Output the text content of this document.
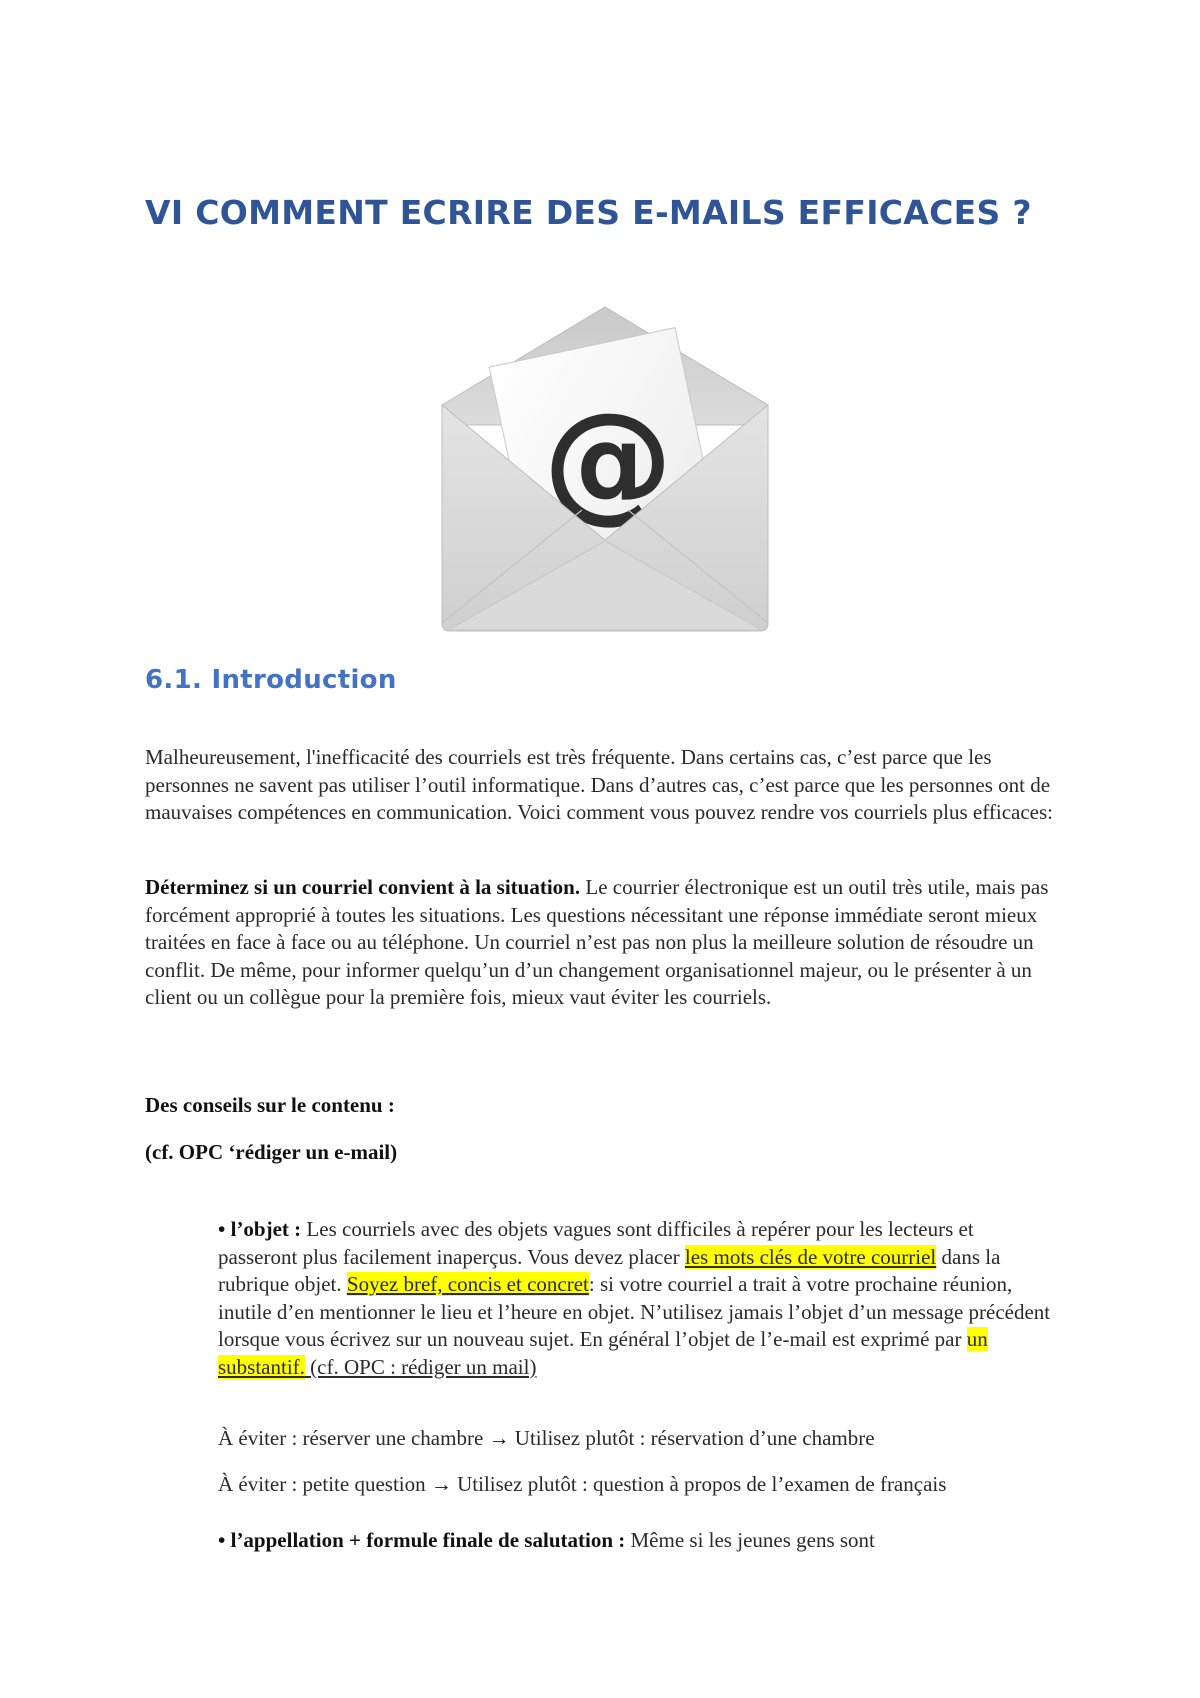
VI COMMENT ECRIRE DES E-MAILS EFFICACES ?
@
6.1. Introduction

Malheureusement, l'inefficacité des courriels est très fréquente. Dans certains cas, c’est parce que les personnes ne savent pas utiliser l’outil informatique. Dans d’autres cas, c’est parce que les personnes ont de mauvaises compétences en communication. Voici comment vous pouvez rendre vos courriels plus efficaces:

Déterminez si un courriel convient à la situation. Le courrier électronique est un outil très utile, mais pas forcément approprié à toutes les situations. Les questions nécessitant une réponse immédiate seront mieux traitées en face à face ou au téléphone. Un courriel n’est pas non plus la meilleure solution de résoudre un conflit. De même, pour informer quelqu’un d’un changement organisationnel majeur, ou le présenter à un client ou un collègue pour la première fois, mieux vaut éviter les courriels.

Des conseils sur le contenu :

(cf. OPC ‘rédiger un e-mail)

• l’objet : Les courriels avec des objets vagues sont difficiles à repérer pour les lecteurs et passeront plus facilement inaperçus. Vous devez placer les mots clés de votre courriel dans la rubrique objet. Soyez bref, concis et concret: si votre courriel a trait à votre prochaine réunion, inutile d’en mentionner le lieu et l’heure en objet. N’utilisez jamais l’objet d’un message précédent lorsque vous écrivez sur un nouveau sujet. En général l’objet de l’e-mail est exprimé par un substantif. (cf. OPC : rédiger un mail)

À éviter : réserver une chambre → Utilisez plutôt : réservation d’une chambre

À éviter : petite question → Utilisez plutôt : question à propos de l’examen de français

• l’appellation + formule finale de salutation : Même si les jeunes gens sont
